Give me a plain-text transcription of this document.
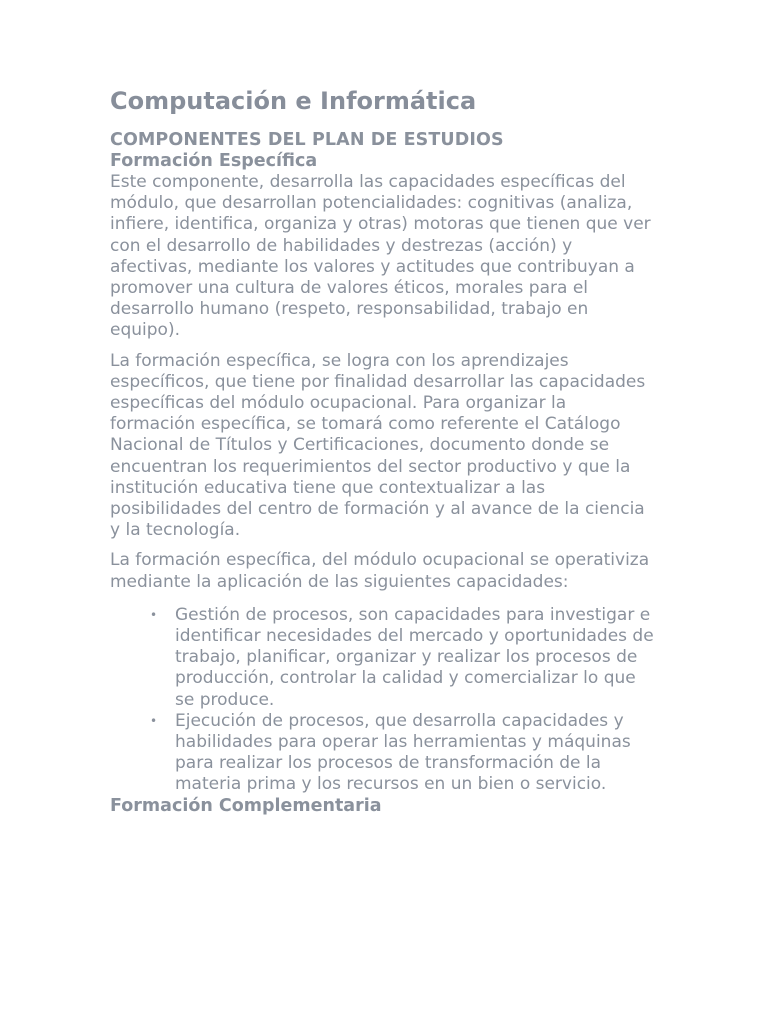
Computación e Informática
COMPONENTES DEL PLAN DE ESTUDIOS
Formación Específica

Este componente, desarrolla las capacidades específicas del módulo, que desarrollan potencialidades: cognitivas (analiza, infiere, identifica, organiza y otras) motoras que tienen que ver con el desarrollo de habilidades y destrezas (acción) y afectivas, mediante los valores y actitudes que contribuyan a promover una cultura de valores éticos, morales para el desarrollo humano (respeto, responsabilidad, trabajo en equipo).

La formación específica, se logra con los aprendizajes específicos, que tiene por finalidad desarrollar las capacidades específicas del módulo ocupacional. Para organizar la formación específica, se tomará como referente el Catálogo Nacional de Títulos y Certificaciones, documento donde se encuentran los requerimientos del sector productivo y que la institución educativa tiene que contextualizar a las posibilidades del centro de formación y al avance de la ciencia y la tecnología.

La formación específica, del módulo ocupacional se operativiza mediante la aplicación de las siguientes capacidades:

• Gestión de procesos, son capacidades para investigar e identificar necesidades del mercado y oportunidades de trabajo, planificar, organizar y realizar los procesos de producción, controlar la calidad y comercializar lo que se produce.
• Ejecución de procesos, que desarrolla capacidades y habilidades para operar las herramientas y máquinas para realizar los procesos de transformación de la materia prima y los recursos en un bien o servicio.
Formación Complementaria
